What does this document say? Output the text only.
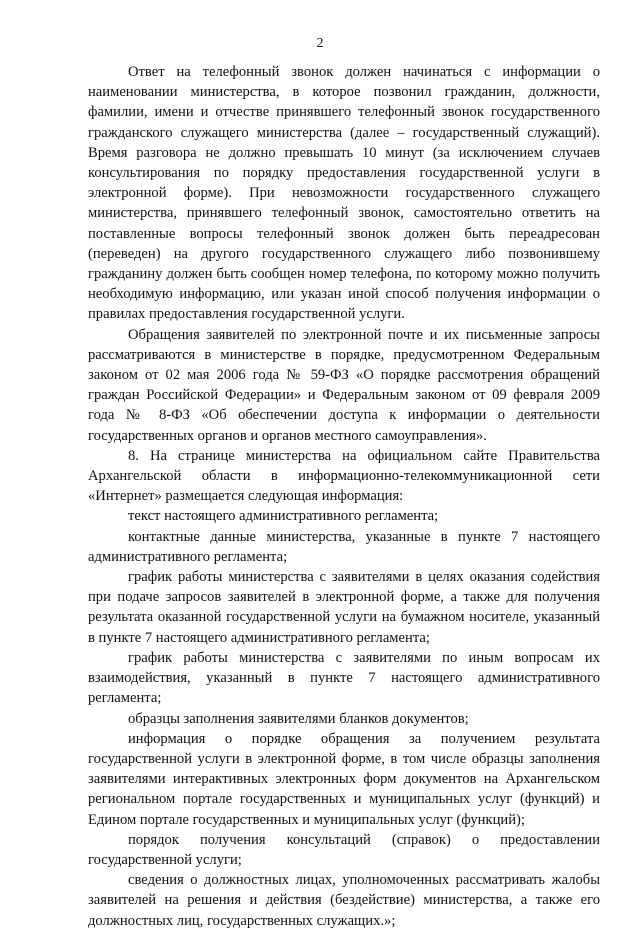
2

Ответ на телефонный звонок должен начинаться с информации о наименовании министерства, в которое позвонил гражданин, должности, фамилии, имени и отчестве принявшего телефонный звонок государственного гражданского служащего министерства (далее – государственный служащий). Время разговора не должно превышать 10 минут (за исключением случаев консультирования по порядку предоставления государственной услуги в электронной форме). При невозможности государственного служащего министерства, принявшего телефонный звонок, самостоятельно ответить на поставленные вопросы телефонный звонок должен быть переадресован (переведен) на другого государственного служащего либо позвонившему гражданину должен быть сообщен номер телефона, по которому можно получить необходимую информацию, или указан иной способ получения информации о правилах предоставления государственной услуги.

Обращения заявителей по электронной почте и их письменные запросы рассматриваются в министерстве в порядке, предусмотренном Федеральным законом от 02 мая 2006 года № 59-ФЗ «О порядке рассмотрения обращений граждан Российской Федерации» и Федеральным законом от 09 февраля 2009 года № 8-ФЗ «Об обеспечении доступа к информации о деятельности государственных органов и органов местного самоуправления».

8. На странице министерства на официальном сайте Правительства Архангельской области в информационно-телекоммуникационной сети «Интернет» размещается следующая информация:

текст настоящего административного регламента;

контактные данные министерства, указанные в пункте 7 настоящего административного регламента;

график работы министерства с заявителями в целях оказания содействия при подаче запросов заявителей в электронной форме, а также для получения результата оказанной государственной услуги на бумажном носителе, указанный в пункте 7 настоящего административного регламента;

график работы министерства с заявителями по иным вопросам их взаимодействия, указанный в пункте 7 настоящего административного регламента;

образцы заполнения заявителями бланков документов;

информация о порядке обращения за получением результата государственной услуги в электронной форме, в том числе образцы заполнения заявителями интерактивных электронных форм документов на Архангельском региональном портале государственных и муниципальных услуг (функций) и Едином портале государственных и муниципальных услуг (функций);

порядок получения консультаций (справок) о предоставлении государственной услуги;

сведения о должностных лицах, уполномоченных рассматривать жалобы заявителей на решения и действия (бездействие) министерства, а также его должностных лиц, государственных служащих.»;
